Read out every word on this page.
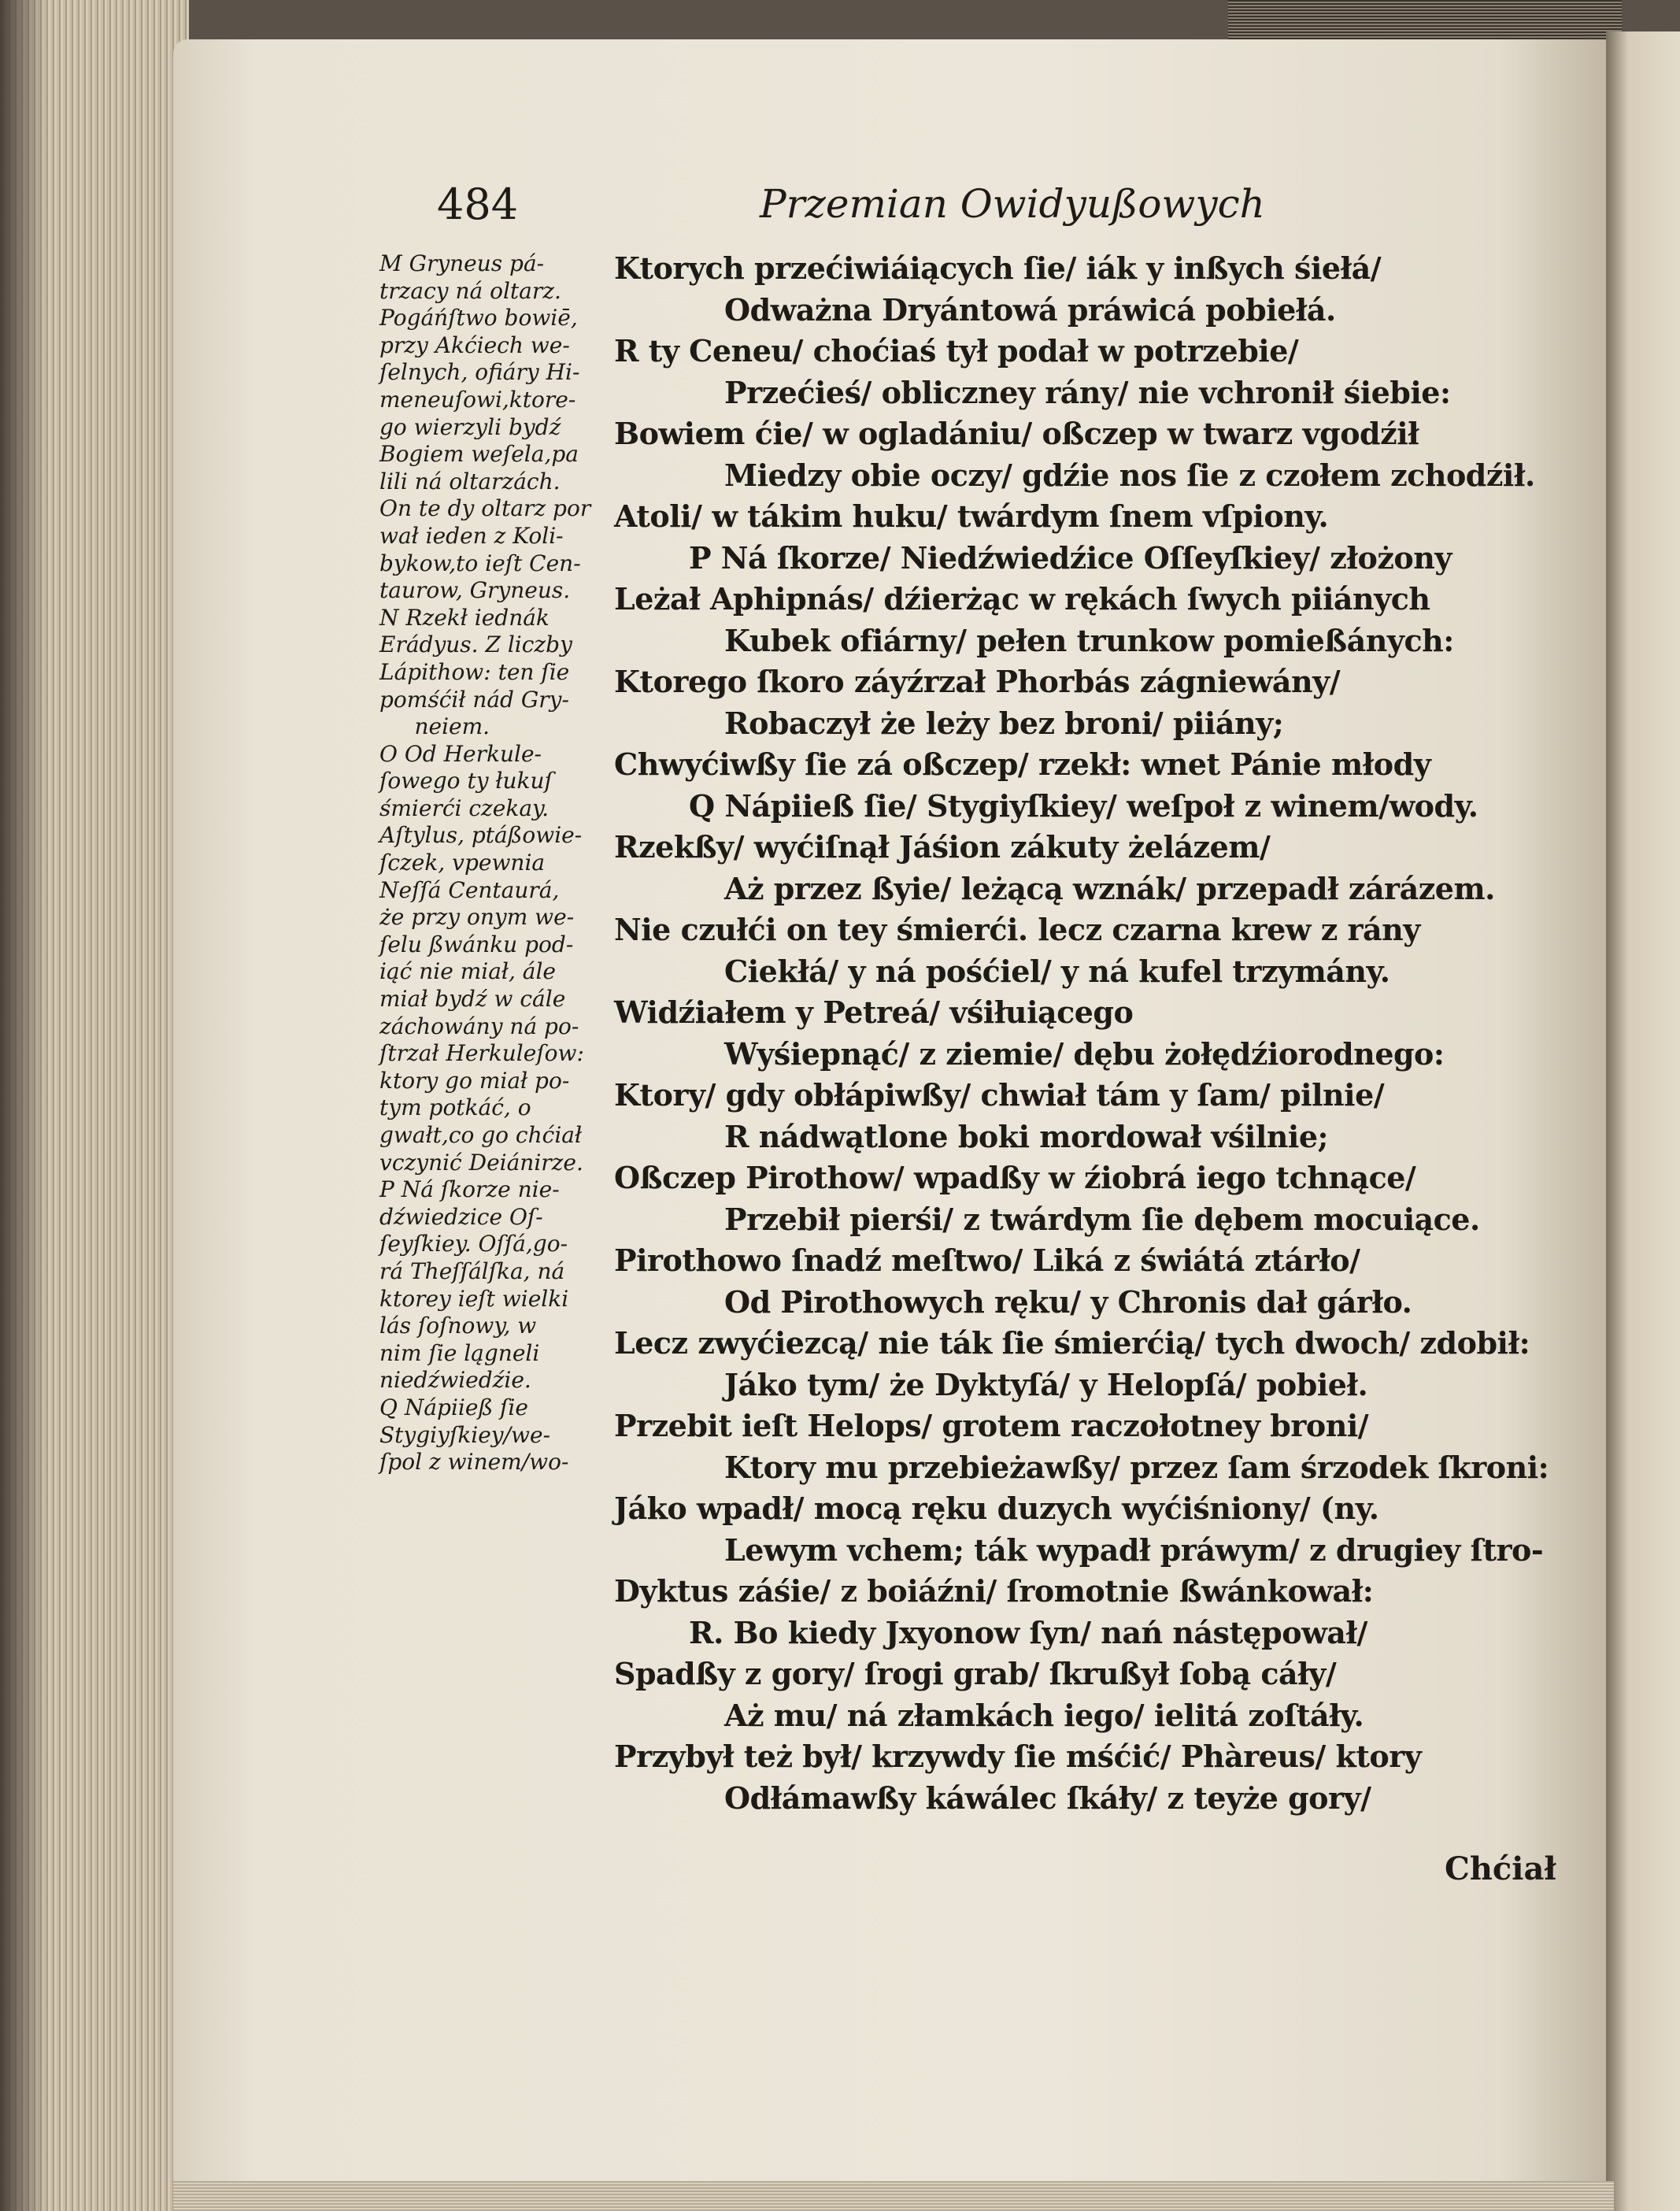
484	Przemian Owidyußowych
M Gryneus pá-
trzacy ná oltarz.
Pogáńſtwo bowiē,
przy Akćiech we-
ſelnych, ofiáry Hi-
meneuſowi,ktore-
go wierzyli bydź
Bogiem weſela,pa
lili ná oltarzách.
On te dy oltarz por
wał ieden z Koli-
bykow,to ieſt Cen-
taurow, Gryneus.
N Rzekł iednák
Erádyus. Z liczby
Lápithow: ten ſie
pomśćił nád Gry-
neiem.
O Od Herkule-
ſowego ty łukuſ
śmierći czekay.
Aſtylus, ptáßowie-
ſczek, vpewnia
Neſſá Centaurá,
że przy onym we-
ſelu ßwánku pod-
iąć nie miał, ále
miał bydź w cále
záchowány ná po-
ſtrzał Herkuleſow:
ktory go miał po-
tym potkáć, o
gwałt,co go chćiał
vczynić Deiánirze.
P Ná ſkorze nie-
dźwiedzice Oſ-
ſeyſkiey. Oſſá,go-
rá Theſſálſka, ná
ktorey ieſt wielki
lás ſoſnowy, w
nim ſie lągneli
niedźwiedźie.
Q Nápiieß ſie
Stygiyſkiey/we-
ſpol z winem/wo-
Ktorych przećiwiáiących ſie/ iák y inßych śiełá/
Odważna Dryántowá práwicá pobiełá.
R ty Ceneu/ choćiaś tył podał w potrzebie/
Przećieś/ obliczney rány/ nie vchronił śiebie:
Bowiem ćie/ w ogladániu/ oßczep w twarz vgodźił
Miedzy obie oczy/ gdźie nos ſie z czołem zchodźił.
Atoli/ w tákim huku/ twárdym ſnem vſpiony.
P Ná ſkorze/ Niedźwiedźice Oſſeyſkiey/ złożony
Leżał Aphipnás/ dźierżąc w rękách ſwych piiánych
Kubek ofiárny/ pełen trunkow pomießánych:
Ktorego ſkoro záyźrzał Phorbás zágniewány/
Robaczył że leży bez broni/ piiány;
Chwyćiwßy ſie zá oßczep/ rzekł: wnet Pánie młody
Q Nápiieß ſie/ Stygiyſkiey/ weſpoł z winem/wody.
Rzekßy/ wyćiſnął Jáśion zákuty żelázem/
Aż przez ßyie/ leżącą wznák/ przepadł zárázem.
Nie czułći on tey śmierći. lecz czarna krew z rány
Ciekłá/ y ná pośćiel/ y ná kufel trzymány.
Widźiałem y Petreá/ vśiłuiącego
Wyśiepnąć/ z ziemie/ dębu żołędźiorodnego:
Ktory/ gdy obłápiwßy/ chwiał tám y ſam/ pilnie/
R nádwątlone boki mordował vśilnie;
Oßczep Pirothow/ wpadßy w źiobrá iego tchnące/
Przebił pierśi/ z twárdym ſie dębem mocuiące.
Pirothowo ſnadź meſtwo/ Liká z świátá ztárło/
Od Pirothowych ręku/ y Chronis dał gárło.
Lecz zwyćiezcą/ nie ták ſie śmierćią/ tych dwoch/ zdobił:
Jáko tym/ że Dyktyſá/ y Helopſá/ pobieł.
Przebit ieſt Helops/ grotem raczołotney broni/
Ktory mu przebieżawßy/ przez ſam śrzodek ſkroni:
Jáko wpadł/ mocą ręku duzych wyćiśniony/ (ny.
Lewym vchem; ták wypadł práwym/ z drugiey ſtro-
Dyktus záśie/ z boiáźni/ ſromotnie ßwánkował:
R. Bo kiedy Jxyonow ſyn/ nań nástępował/
Spadßy z gory/ ſrogi grab/ ſkrußył ſobą cáły/
Aż mu/ ná złamkách iego/ ielitá zoſtáły.
Przybył też był/ krzywdy ſie mśćić/ Phàreus/ ktory
Odłámawßy káwálec ſkáły/ z teyże gory/
Chćiał
